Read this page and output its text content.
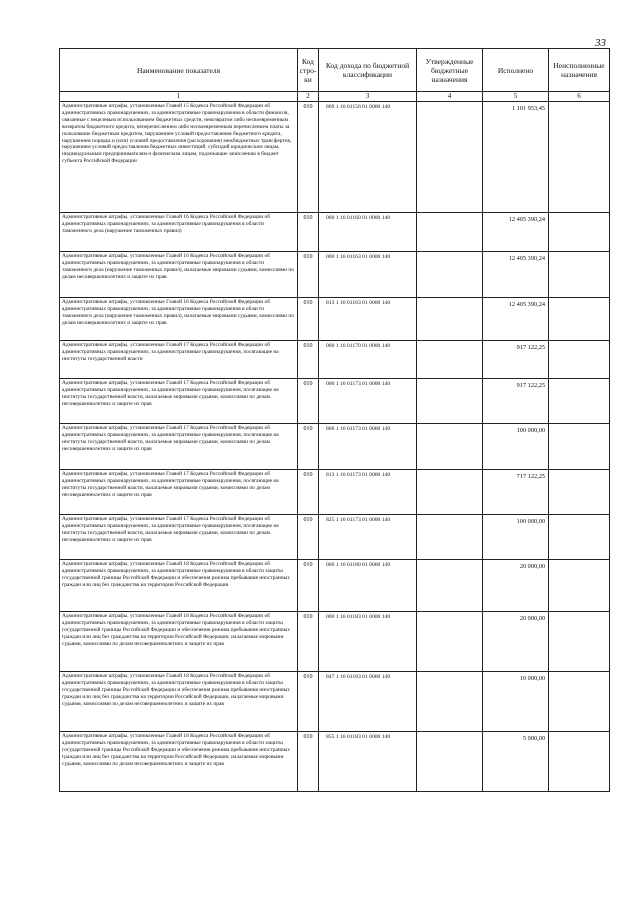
33
Наименование показателя	Код стро-ки	Код дохода по бюджетной классификации	Утвержденные бюджетные назначения	Исполнено	Неисполненные назначения
1	2	3	4	5	6
Административные штрафы, установленные Главой 15 Кодекса Российской Федерации об административных правонарушениях, за административные правонарушения в области финансов, связанные с нецелевым использованием бюджетных средств, невозвратом либо несвоевременным возвратом бюджетного кредита, неперечислением либо несвоевременным перечислением платы за пользование бюджетным кредитом, нарушением условий предоставления бюджетного кредита, нарушением порядка и (или) условий предоставления (расходования) межбюджетных трансфертов, нарушением условий предоставления бюджетных инвестиций, субсидий юридическим лицам, индивидуальным предпринимателям и физическим лицам, подлежащие зачислению в бюджет субъекта Российской Федерации	010	869 1 16 01156 01 0000 140		1 101 953,45	
Административные штрафы, установленные Главой 16 Кодекса Российской Федерации об административных правонарушениях, за административные правонарушения в области таможенного дела (нарушение таможенных правил)	010	000 1 16 01160 01 0000 140		12 405 390,24	
Административные штрафы, установленные Главой 16 Кодекса Российской Федерации об административных правонарушениях, за административные правонарушения в области таможенного дела (нарушение таможенных правил), налагаемые мировыми судьями, комиссиями по делам несовершеннолетних и защите их прав	010	000 1 16 01163 01 0000 140		12 405 390,24	
Административные штрафы, установленные Главой 16 Кодекса Российской Федерации об административных правонарушениях, за административные правонарушения в области таможенного дела (нарушение таможенных правил), налагаемые мировыми судьями, комиссиями по делам несовершеннолетних и защите их прав	010	813 1 16 01163 01 0000 140		12 405 390,24	
Административные штрафы, установленные Главой 17 Кодекса Российской Федерации об административных правонарушениях, за административные правонарушения, посягающие на институты государственной власти	010	000 1 16 01170 01 0000 140		917 122,25	
Административные штрафы, установленные Главой 17 Кодекса Российской Федерации об административных правонарушениях, за административные правонарушения, посягающие на институты государственной власти, налагаемые мировыми судьями, комиссиями по делам несовершеннолетних и защите их прав	010	000 1 16 01173 01 0000 140		917 122,25	
Административные штрафы, установленные Главой 17 Кодекса Российской Федерации об административных правонарушениях, за административные правонарушения, посягающие на институты государственной власти, налагаемые мировыми судьями, комиссиями по делам несовершеннолетних и защите их прав	010	806 1 16 01173 01 0000 140		100 000,00	
Административные штрафы, установленные Главой 17 Кодекса Российской Федерации об административных правонарушениях, за административные правонарушения, посягающие на институты государственной власти, налагаемые мировыми судьями, комиссиями по делам несовершеннолетних и защите их прав	010	813 1 16 01173 01 0000 140		717 122,25	
Административные штрафы, установленные Главой 17 Кодекса Российской Федерации об административных правонарушениях, за административные правонарушения, посягающие на институты государственной власти, налагаемые мировыми судьями, комиссиями по делам несовершеннолетних и защите их прав	010	825 1 16 01173 01 0000 140		100 000,00	
Административные штрафы, установленные Главой 18 Кодекса Российской Федерации об административных правонарушениях, за административные правонарушения в области защиты государственной границы Российской Федерации и обеспечения режима пребывания иностранных граждан или лиц без гражданства на территории Российской Федерации	010	000 1 16 01180 01 0000 140		20 000,00	
Административные штрафы, установленные Главой 18 Кодекса Российской Федерации об административных правонарушениях, за административные правонарушения в области защиты государственной границы Российской Федерации и обеспечения режима пребывания иностранных граждан или лиц без гражданства на территории Российской Федерации, налагаемые мировыми судьями, комиссиями по делам несовершеннолетних и защите их прав	010	000 1 16 01183 01 0000 140		20 000,00	
Административные штрафы, установленные Главой 18 Кодекса Российской Федерации об административных правонарушениях, за административные правонарушения в области защиты государственной границы Российской Федерации и обеспечения режима пребывания иностранных граждан или лиц без гражданства на территории Российской Федерации, налагаемые мировыми судьями, комиссиями по делам несовершеннолетних и защите их прав	010	847 1 16 01183 01 0000 140		10 000,00	
Административные штрафы, установленные Главой 18 Кодекса Российской Федерации об административных правонарушениях, за административные правонарушения в области защиты государственной границы Российской Федерации и обеспечения режима пребывания иностранных граждан или лиц без гражданства на территории Российской Федерации, налагаемые мировыми судьями, комиссиями по делам несовершеннолетних и защите их прав	010	855 1 16 01183 01 0000 140		5 000,00	
